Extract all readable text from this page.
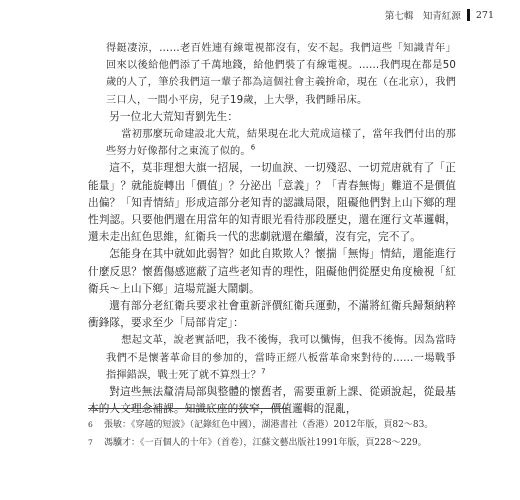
第七輯　知青紅源 271

得鋌凄涼，……老百姓連有線電視都沒有，安不起。我們這些「知識青年」回來以後給他們添了千萬地錢，給他們裝了有線電視。……我們現在都是50歲的人了，筆於我們這一輩子都為這個社會主義拚命，現在（在北京），我們三口人，一間小平房，兒子19歲，上大學，我們睡吊床。

另一位北大荒知青劉先生：

當初那麼玩命建設北大荒，結果現在北大荒成這樣了，當年我們付出的那些努力好像都付之東流了似的。$^6$

這不，莫非理想大旗一招展，一切血淚、一切殘忍、一切荒唐就有了「正能量」？就能旋轉出「價值」？分泌出「意義」？「青春無悔」難道不是價值出偏？「知青情結」形成這部分老知青的認識局限，阻礙他們對上山下鄉的理性判認。只要他們還在用當年的知青眼光看待那段歷史，還在運行文革邏輯，還未走出紅色思維，紅衛兵一代的悲劇就還在繼續，沒有完，完不了。

怎能身在其中就如此弱智？如此自欺欺人？懷揣「無悔」情結，還能進行什麼反思？懷舊傷感遮蔽了這些老知青的理性，阻礙他們從歷史角度檢視「紅衛兵～上山下鄉」這場荒誕大鬧劇。

還有部分老紅衛兵要求社會重新評價紅衛兵運動，不滿將紅衛兵歸類納粹衝鋒隊，要求至少「局部肯定」：

想起文革，說老實話吧，我不後悔，我可以懺悔，但我不後悔。因為當時我們不是懷著革命目的參加的，當時正經八板當革命來對待的……一場戰爭指揮錯誤，戰士死了就不算烈士？$^7$

對這些無法釐清局部與整體的懷舊者，需要重新上課、從頭說起，從最基本的人文理念補課。知識底座的狹窄，價值邏輯的混亂，

6	張敏：《穿越的短波》（記錄紅色中國），湖港書社（香港）2012年版，頁82～83。
7	馮驥才：《一百個人的十年》（首卷），江蘇文藝出版社1991年版，頁228～229。
